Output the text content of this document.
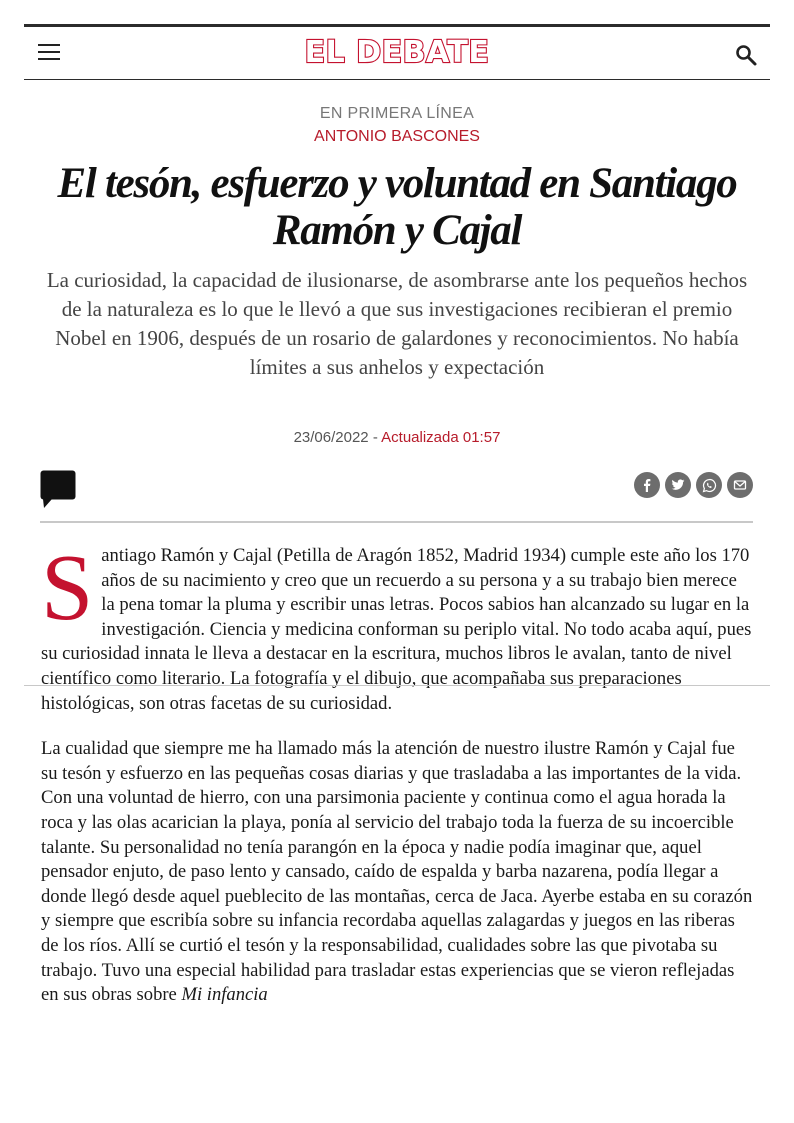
EL DEBATE
EN PRIMERA LÍNEA
ANTONIO BASCONES
El tesón, esfuerzo y voluntad en Santiago Ramón y Cajal

La curiosidad, la capacidad de ilusionarse, de asombrarse ante los pequeños hechos de la naturaleza es lo que le llevó a que sus investigaciones recibieran el premio Nobel en 1906, después de un rosario de galardones y reconocimientos. No había límites a sus anhelos y expectación

23/06/2022 - Actualizada 01:57

Santiago Ramón y Cajal (Petilla de Aragón 1852, Madrid 1934) cumple este año los 170 años de su nacimiento y creo que un recuerdo a su persona y a su trabajo bien merece la pena tomar la pluma y escribir unas letras. Pocos sabios han alcanzado su lugar en la investigación. Ciencia y medicina conforman su periplo vital. No todo acaba aquí, pues su curiosidad innata le lleva a destacar en la escritura, muchos libros le avalan, tanto de nivel científico como literario. La fotografía y el dibujo, que acompañaba sus preparaciones histológicas, son otras facetas de su curiosidad.

La cualidad que siempre me ha llamado más la atención de nuestro ilustre Ramón y Cajal fue su tesón y esfuerzo en las pequeñas cosas diarias y que trasladaba a las importantes de la vida. Con una voluntad de hierro, con una parsimonia paciente y continua como el agua horada la roca y las olas acarician la playa, ponía al servicio del trabajo toda la fuerza de su incoercible talante. Su personalidad no tenía parangón en la época y nadie podía imaginar que, aquel pensador enjuto, de paso lento y cansado, caído de espalda y barba nazarena, podía llegar a donde llegó desde aquel pueblecito de las montañas, cerca de Jaca. Ayerbe estaba en su corazón y siempre que escribía sobre su infancia recordaba aquellas zalagardas y juegos en las riberas de los ríos. Allí se curtió el tesón y la responsabilidad, cualidades sobre las que pivotaba su trabajo. Tuvo una especial habilidad para trasladar estas experiencias que se vieron reflejadas en sus obras sobre Mi infancia
